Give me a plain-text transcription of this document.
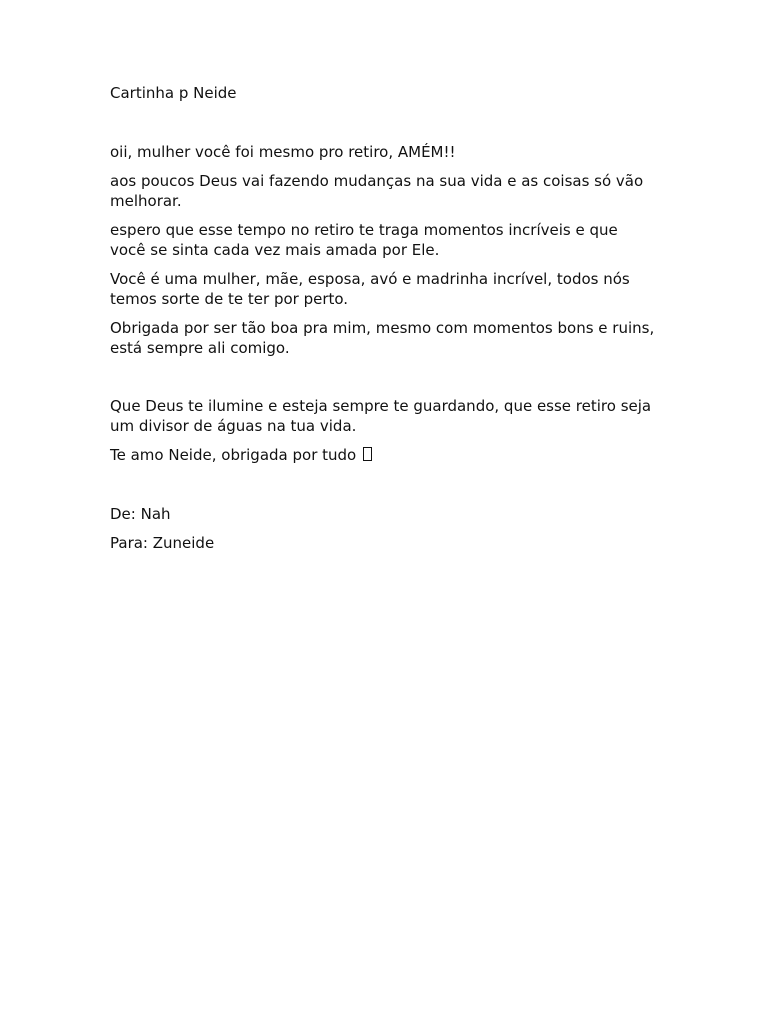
Cartinha p Neide

oii, mulher você foi mesmo pro retiro, AMÉM!!

aos poucos Deus vai fazendo mudanças na sua vida e as coisas só vão melhorar.

espero que esse tempo no retiro te traga momentos incríveis e que você se sinta cada vez mais amada por Ele.

Você é uma mulher, mãe, esposa, avó e madrinha incrível, todos nós temos sorte de te ter por perto.

Obrigada por ser tão boa pra mim, mesmo com momentos bons e ruins, está sempre ali comigo.

Que Deus te ilumine e esteja sempre te guardando, que esse retiro seja um divisor de águas na tua vida.

Te amo Neide, obrigada por tudo

De: Nah

Para: Zuneide
